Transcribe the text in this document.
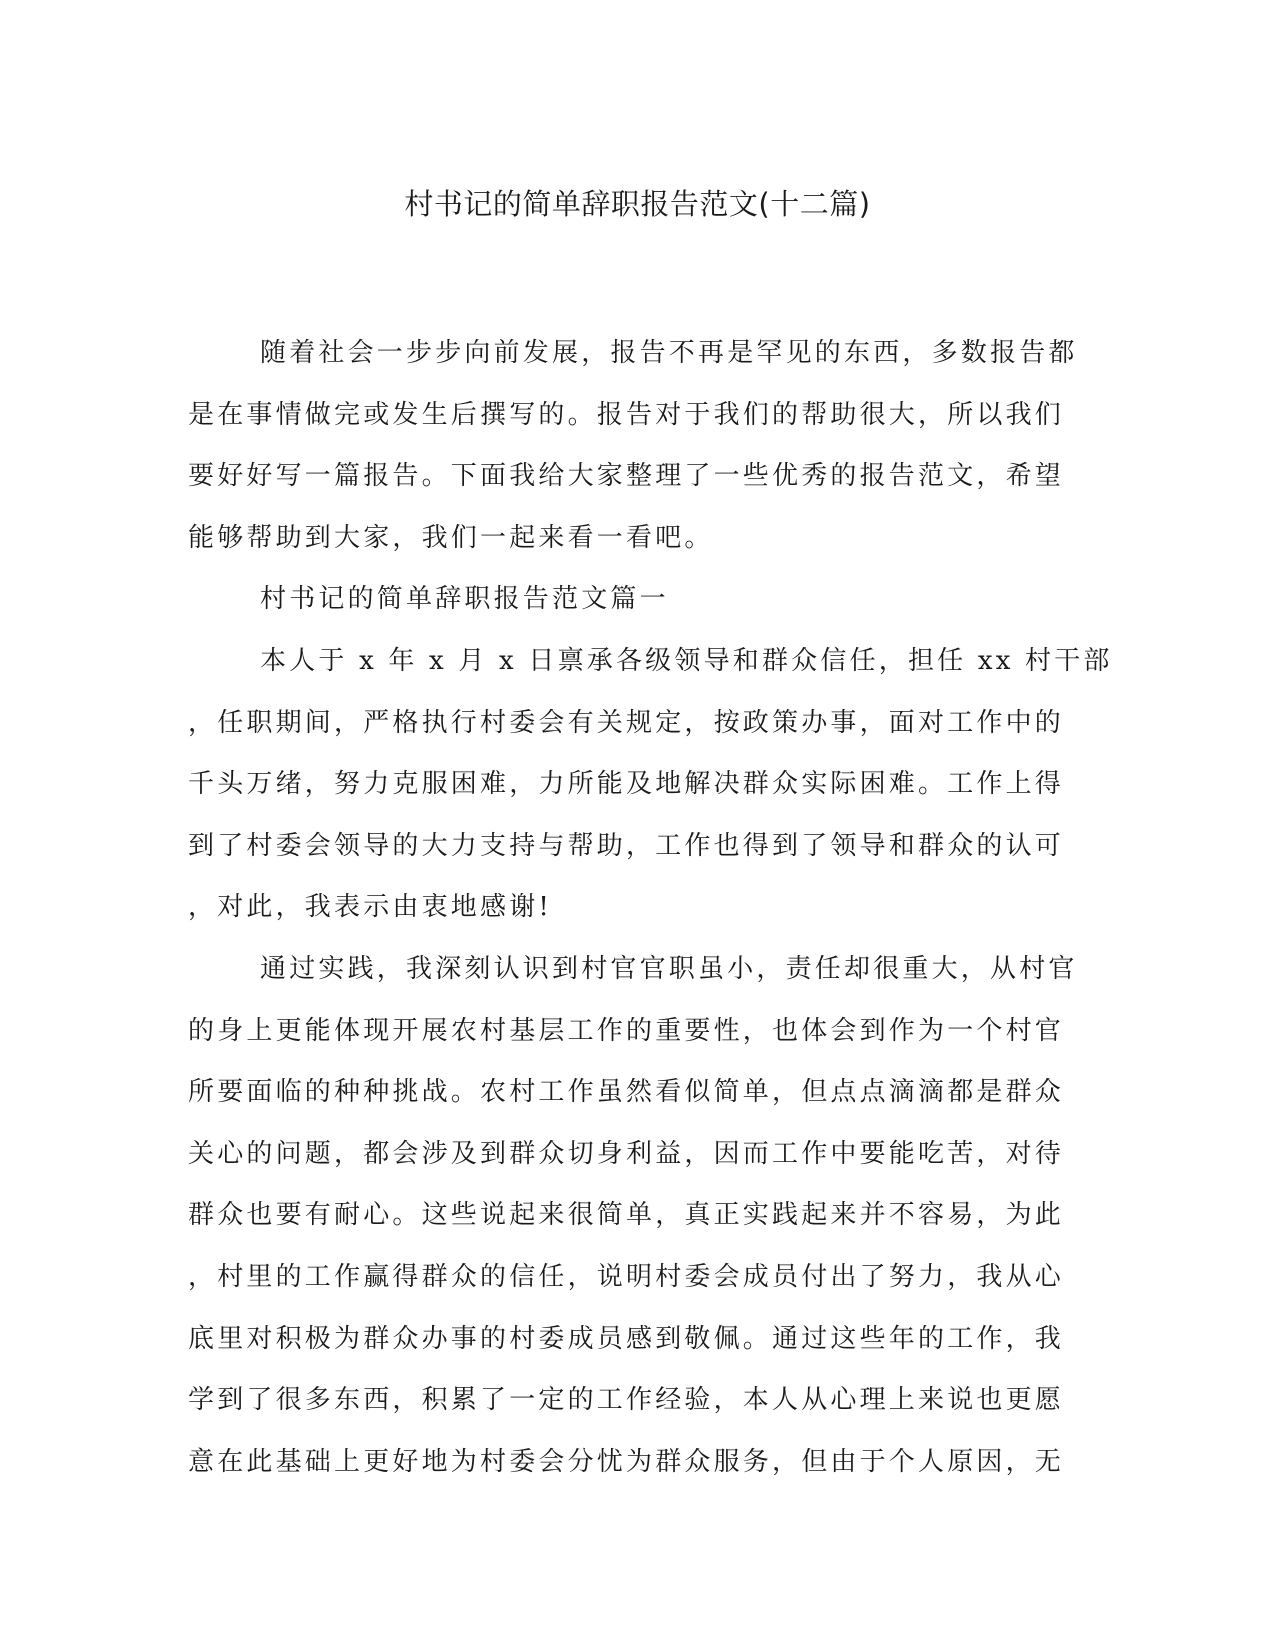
村书记的简单辞职报告范文(十二篇)
随着社会一步步向前发展，报告不再是罕见的东西，多数报告都
是在事情做完或发生后撰写的。报告对于我们的帮助很大，所以我们
要好好写一篇报告。下面我给大家整理了一些优秀的报告范文，希望
能够帮助到大家，我们一起来看一看吧。
村书记的简单辞职报告范文篇一
本人于 x 年 x 月 x 日禀承各级领导和群众信任，担任 xx 村干部
，任职期间，严格执行村委会有关规定，按政策办事，面对工作中的
千头万绪，努力克服困难，力所能及地解决群众实际困难。工作上得
到了村委会领导的大力支持与帮助，工作也得到了领导和群众的认可
，对此，我表示由衷地感谢!
通过实践，我深刻认识到村官官职虽小，责任却很重大，从村官
的身上更能体现开展农村基层工作的重要性，也体会到作为一个村官
所要面临的种种挑战。农村工作虽然看似简单，但点点滴滴都是群众
关心的问题，都会涉及到群众切身利益，因而工作中要能吃苦，对待
群众也要有耐心。这些说起来很简单，真正实践起来并不容易，为此
，村里的工作赢得群众的信任，说明村委会成员付出了努力，我从心
底里对积极为群众办事的村委成员感到敬佩。通过这些年的工作，我
学到了很多东西，积累了一定的工作经验，本人从心理上来说也更愿
意在此基础上更好地为村委会分忧为群众服务，但由于个人原因，无
